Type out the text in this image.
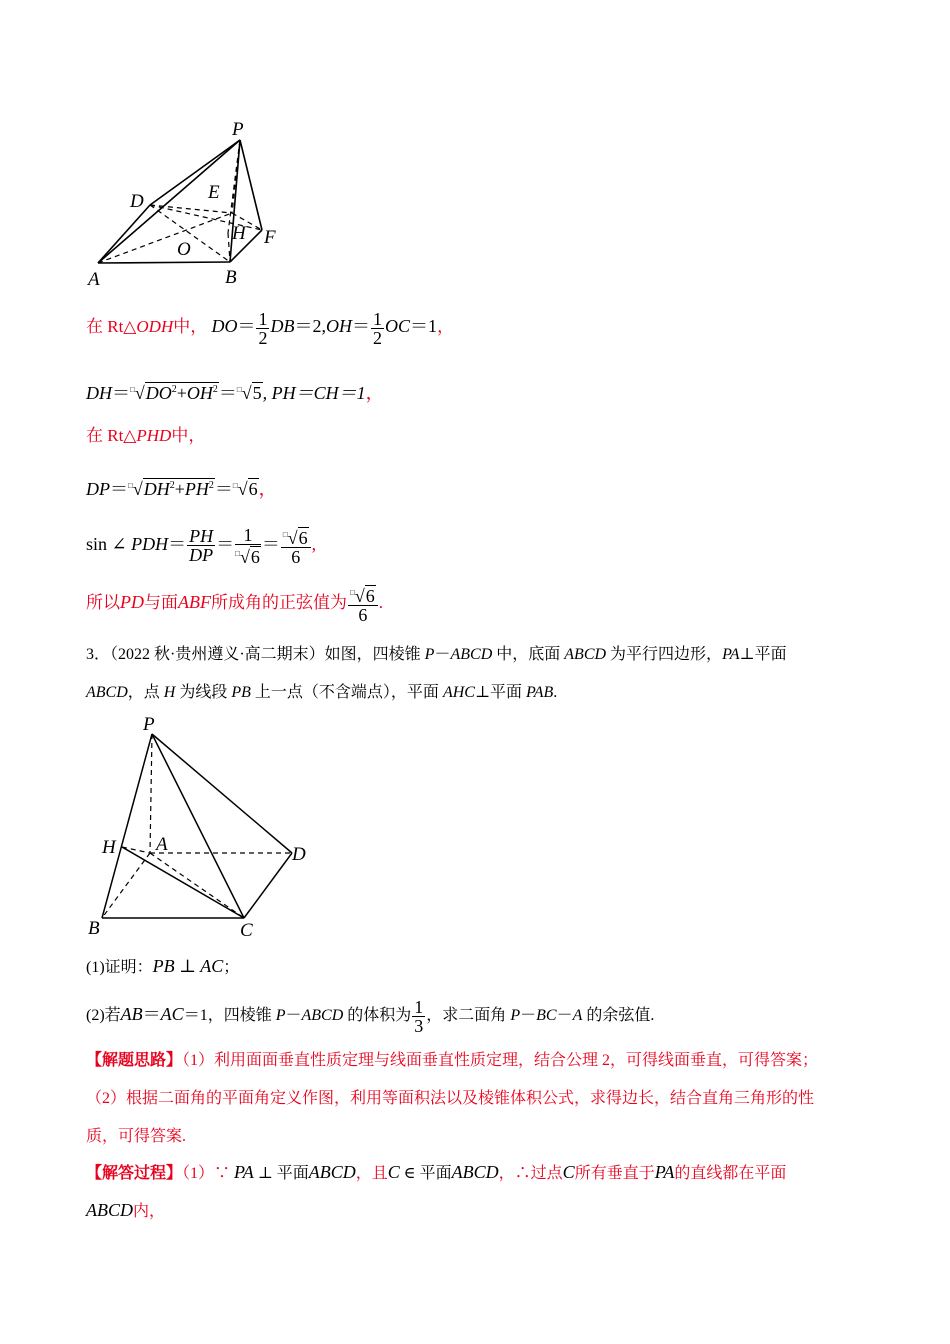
P
D	E
H F
O
A	B
在 Rt△ODH中， $DO= \frac{1}{2} DB=2,OH= \frac{1}{2} OC=1$，
$DH=^□√DO^2+OH^2=^□√5$, PH＝CH＝1，
在 Rt△PHD中，
$DP=^□√DH^2+PH^2=^□√6$，
sin ∠ $PDH= \frac{PH}{DP} = \frac{1}{^□√6} = \frac{^□√6}{6}$ ,
所以PD与面ABF所成角的正弦值为 $\frac{^□√6}{6}$ .
3．（2022 秋·贵州遵义·高二期末）如图，四棱锥 P－ABCD 中，底面 ABCD 为平行四边形，PA⊥平面
ABCD，点 H 为线段 PB 上一点（不含端点），平面 AHC⊥平面 PAB.
P
H A	D
B	C
(1)证明：PB ⊥ AC；
(2)若AB＝AC＝1，四棱锥 P－ABCD 的体积为 $\frac{1}{3}$ ，求二面角 P－BC－A 的余弦值.
【解题思路】（1）利用面面垂直性质定理与线面垂直性质定理，结合公理 2，可得线面垂直，可得答案；
（2）根据二面角的平面角定义作图，利用等面积法以及棱锥体积公式，求得边长，结合直角三角形的性
质，可得答案.
【解答过程】（1）∵ PA ⊥ 平面ABCD，且C ∈ 平面ABCD，∴过点C所有垂直于PA的直线都在平面
ABCD内，
